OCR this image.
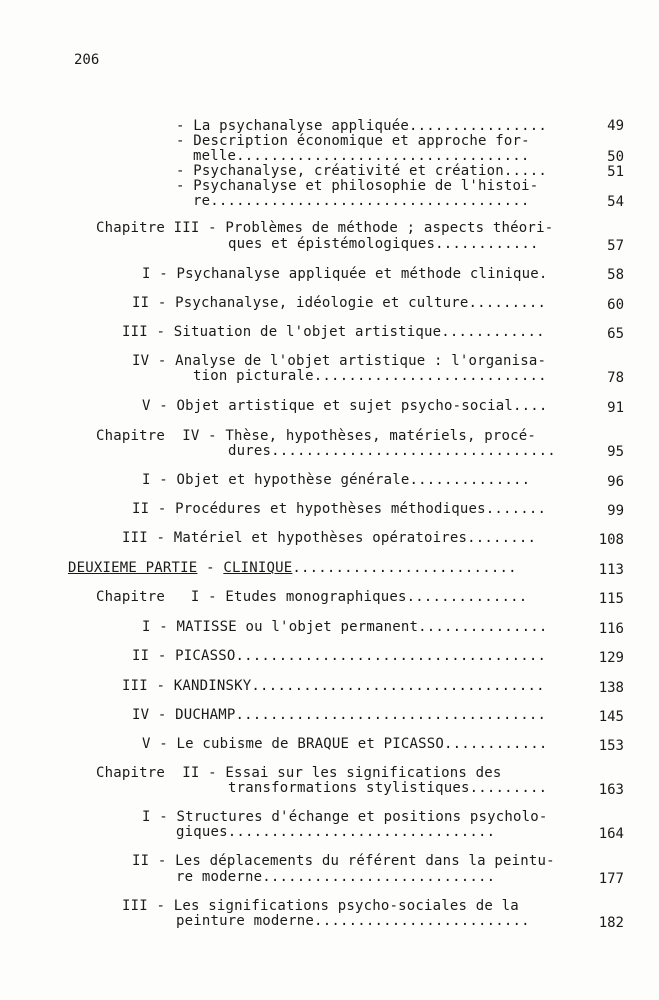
206
- La psychanalyse appliquée................	49
- Description économique et approche for-
melle..................................	50
- Psychanalyse, créativité et création.....	51
- Psychanalyse et philosophie de l'histoi-
re.....................................	54
Chapitre III - Problèmes de méthode ; aspects théori-
ques et épistémologiques............	57
I - Psychanalyse appliquée et méthode clinique.	58
II - Psychanalyse, idéologie et culture.........	60
III - Situation de l'objet artistique............	65
IV - Analyse de l'objet artistique : l'organisa-
tion picturale...........................	78
V - Objet artistique et sujet psycho-social....	91
Chapitre  IV - Thèse, hypothèses, matériels, procé-
dures.................................	95
I - Objet et hypothèse générale..............	96
II - Procédures et hypothèses méthodiques.......	99
III - Matériel et hypothèses opératoires........	108
DEUXIEME PARTIE - CLINIQUE..........................	113
Chapitre   I - Etudes monographiques..............	115
I - MATISSE ou l'objet permanent...............	116
II - PICASSO....................................	129
III - KANDINSKY..................................	138
IV - DUCHAMP....................................	145
V - Le cubisme de BRAQUE et PICASSO............	153
Chapitre  II - Essai sur les significations des
transformations stylistiques.........	163
I - Structures d'échange et positions psycholo-
giques...............................	164
II - Les déplacements du référent dans la peintu-
re moderne...........................	177
III - Les significations psycho-sociales de la
peinture moderne.........................	182
